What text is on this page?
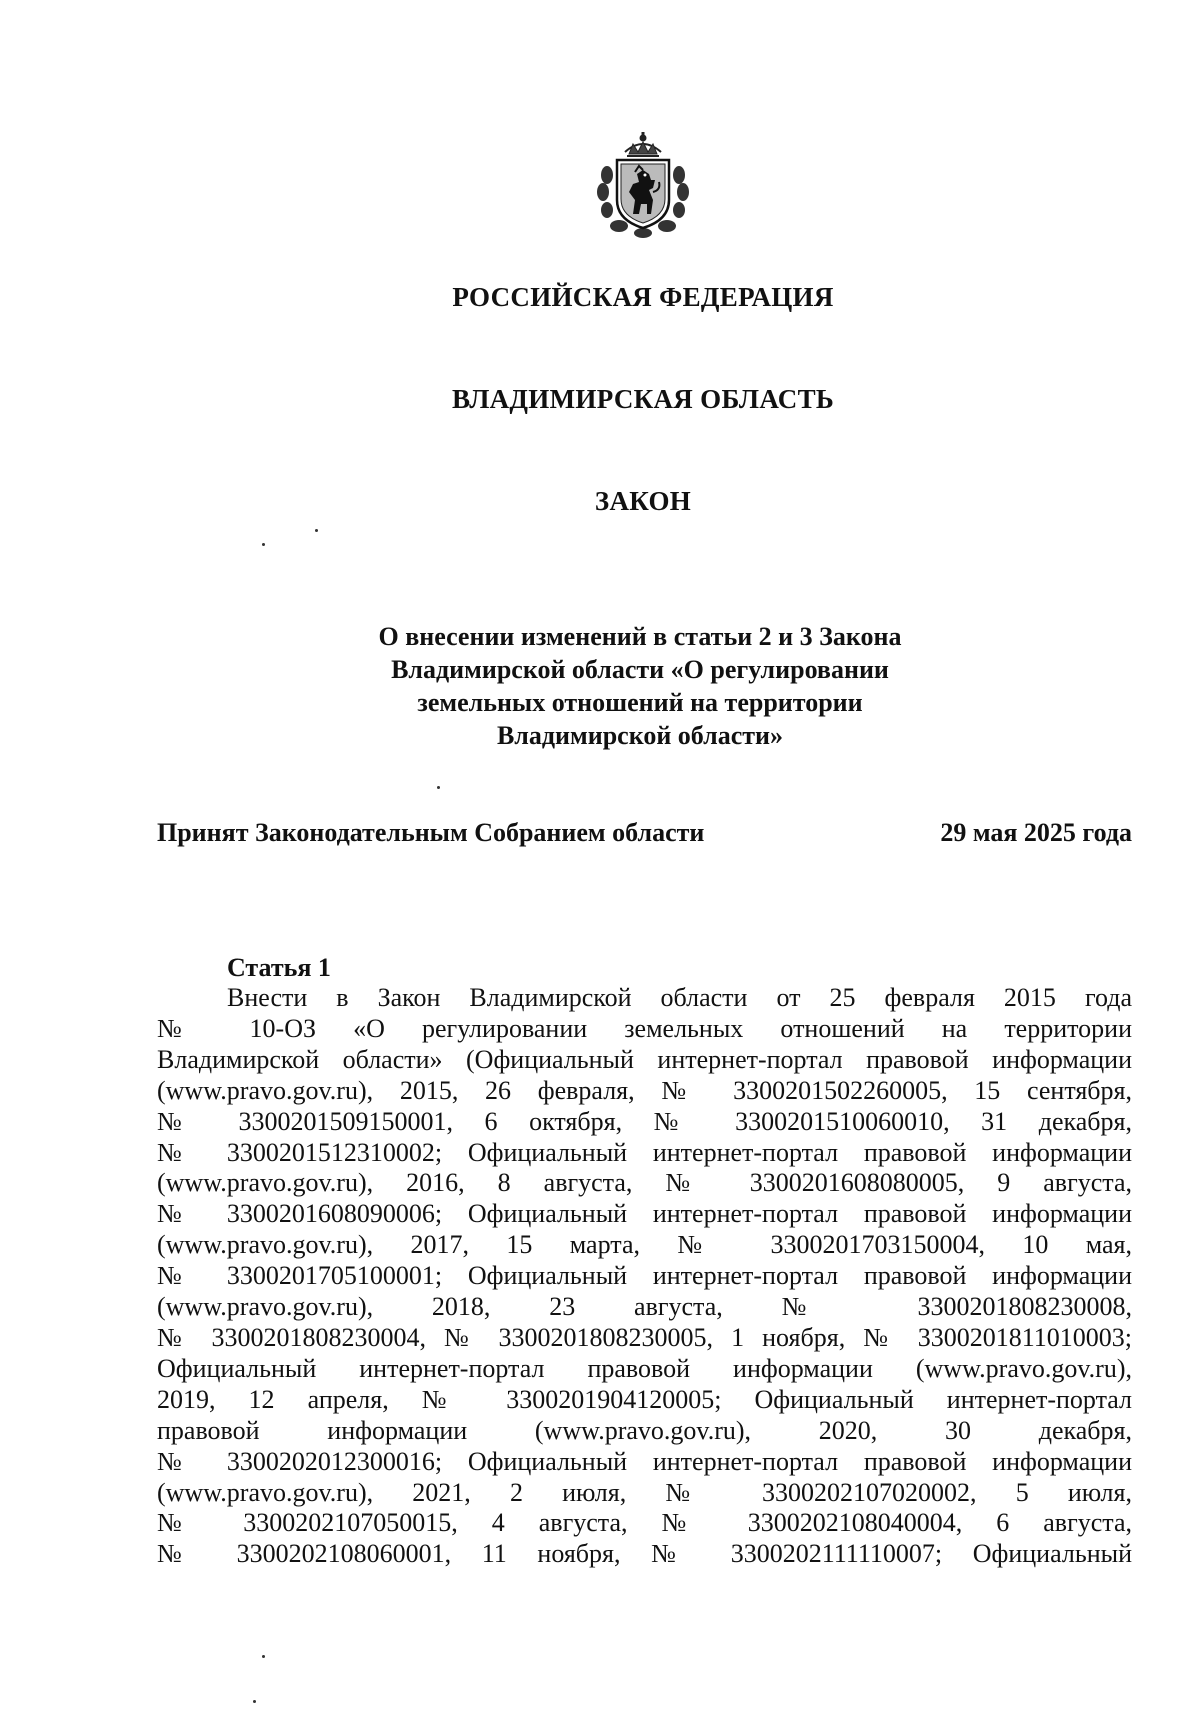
РОССИЙСКАЯ ФЕДЕРАЦИЯ
ВЛАДИМИРСКАЯ ОБЛАСТЬ
ЗАКОН
О внесении изменений в статьи 2 и 3 Закона
Владимирской области «О регулировании
земельных отношений на территории
Владимирской области»
Принят Законодательным Собранием области	29 мая 2025 года
Статья 1
Внести в Закон Владимирской области от 25 февраля 2015 года
№ 10-ОЗ «О регулировании земельных отношений на территории
Владимирской области» (Официальный интернет-портал правовой информации
(www.pravo.gov.ru), 2015, 26 февраля, № 3300201502260005, 15 сентября,
№ 3300201509150001, 6 октября, № 3300201510060010, 31 декабря,
№ 3300201512310002; Официальный интернет-портал правовой информации
(www.pravo.gov.ru), 2016, 8 августа, № 3300201608080005, 9 августа,
№ 3300201608090006; Официальный интернет-портал правовой информации
(www.pravo.gov.ru), 2017, 15 марта, № 3300201703150004, 10 мая,
№ 3300201705100001; Официальный интернет-портал правовой информации
(www.pravo.gov.ru), 2018, 23 августа, № 3300201808230008,
№ 3300201808230004, № 3300201808230005, 1 ноября, № 3300201811010003;
Официальный интернет-портал правовой информации (www.pravo.gov.ru),
2019, 12 апреля, № 3300201904120005; Официальный интернет-портал
правовой информации (www.pravo.gov.ru), 2020, 30 декабря,
№ 3300202012300016; Официальный интернет-портал правовой информации
(www.pravo.gov.ru), 2021, 2 июля, № 3300202107020002, 5 июля,
№ 3300202107050015, 4 августа, № 3300202108040004, 6 августа,
№ 3300202108060001, 11 ноября, № 3300202111110007; Официальный
